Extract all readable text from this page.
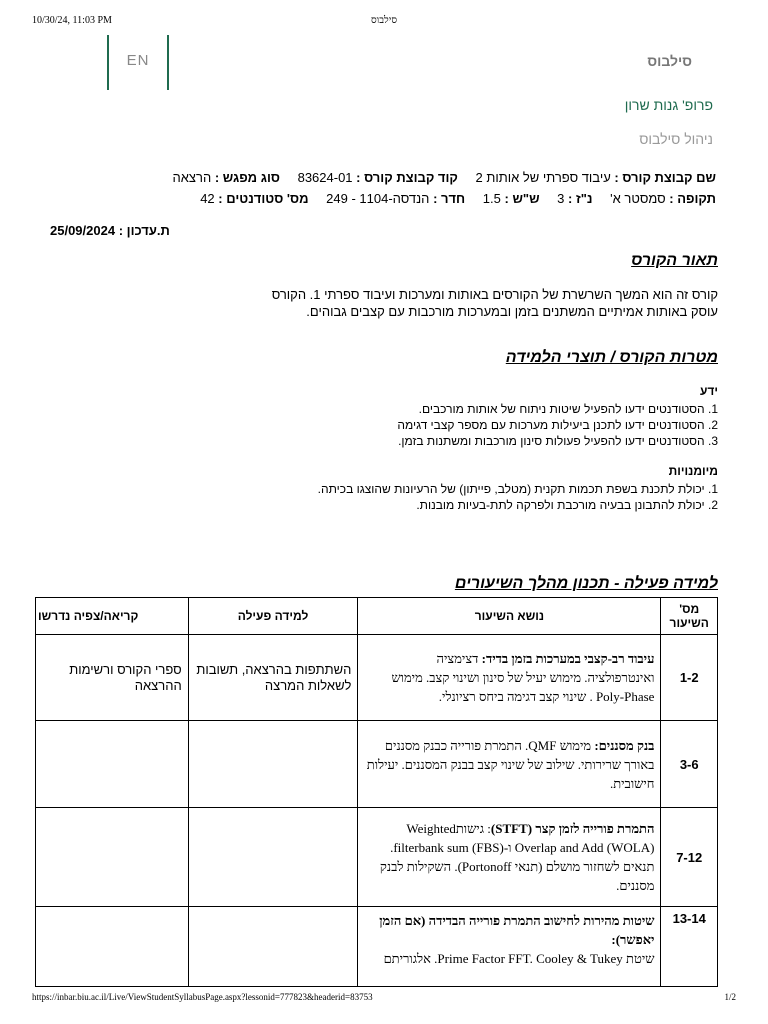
10/30/24, 11:03 PM	סילבוס
EN	סילבוס
פרופ' גנות שרון
ניהול סילבוס
שם קבוצת קורס : עיבוד ספרתי של אותות 2 קוד קבוצת קורס : 83624-01 סוג מפגש : הרצאה
תקופה : סמסטר א' נ"ז : 3 ש"ש : 1.5 חדר : הנדסה-1104 - 249 מס' סטודנטים : 42
תאור הקורס
ת.עדכון : 25/09/2024
קורס זה הוא המשך השרשרת של הקורסים באותות ומערכות ועיבוד ספרתי 1. הקורס
עוסק באותות אמיתיים המשתנים בזמן ובמערכות מורכבות עם קצבים גבוהים.
מטרות הקורס / תוצרי הלמידה
ידע
1. הסטודנטים ידעו להפעיל שיטות ניתוח של אותות מורכבים.
2. הסטודנטים ידעו לתכנן ביעילות מערכות עם מספר קצבי דגימה
3. הסטודנטים ידעו להפעיל פעולות סינון מורכבות ומשתנות בזמן.
מיומנויות
1. יכולת לתכנת בשפת תכמות תקנית (מטלב, פייתון) של הרעיונות שהוצגו בכיתה.
2. יכולת להתבונן בבעיה מורכבת ולפרקה לתת-בעיות מובנות.
למידה פעילה - תכנון מהלך השיעורים
מס' השיעור	נושא השיעור	למידה פעילה	קריאה/צפיה נדרשו
1-2	עיבוד רב-קצבי במערכות בזמן בדיד: דצימציה ואינטרפולציה. מימוש יעיל של סינון ושינוי קצב. מימוש Poly-Phase . שינוי קצב דגימה ביחס רציונלי.	השתתפות בהרצאה, תשובות לשאלות המרצה	ספרי הקורס ורשימות ההרצאה
3-6	בנק מסננים: מימוש QMF. התמרת פורייה כבנק מסננים באורך שרירותי. שילוב של שינוי קצב בבנק המסננים. יעילות חישובית.		
7-12	התמרת פורייה לזמן קצר (STFT): גישותWeighted Overlap and Add (WOLA) ו-filterbank sum (FBS). תנאים לשחזור מושלם (תנאי Portonoff). השקילות לבנק מסננים.		
13-14	שיטות מהירות לחישוב התמרת פורייה הבדידה (אם הזמן יאפשר):
שיטת Prime Factor FFT. Cooley & Tukey. אלגוריתם		

https://inbar.biu.ac.il/Live/ViewStudentSyllabusPage.aspx?lessonid=777823&headerid=83753	1/2
